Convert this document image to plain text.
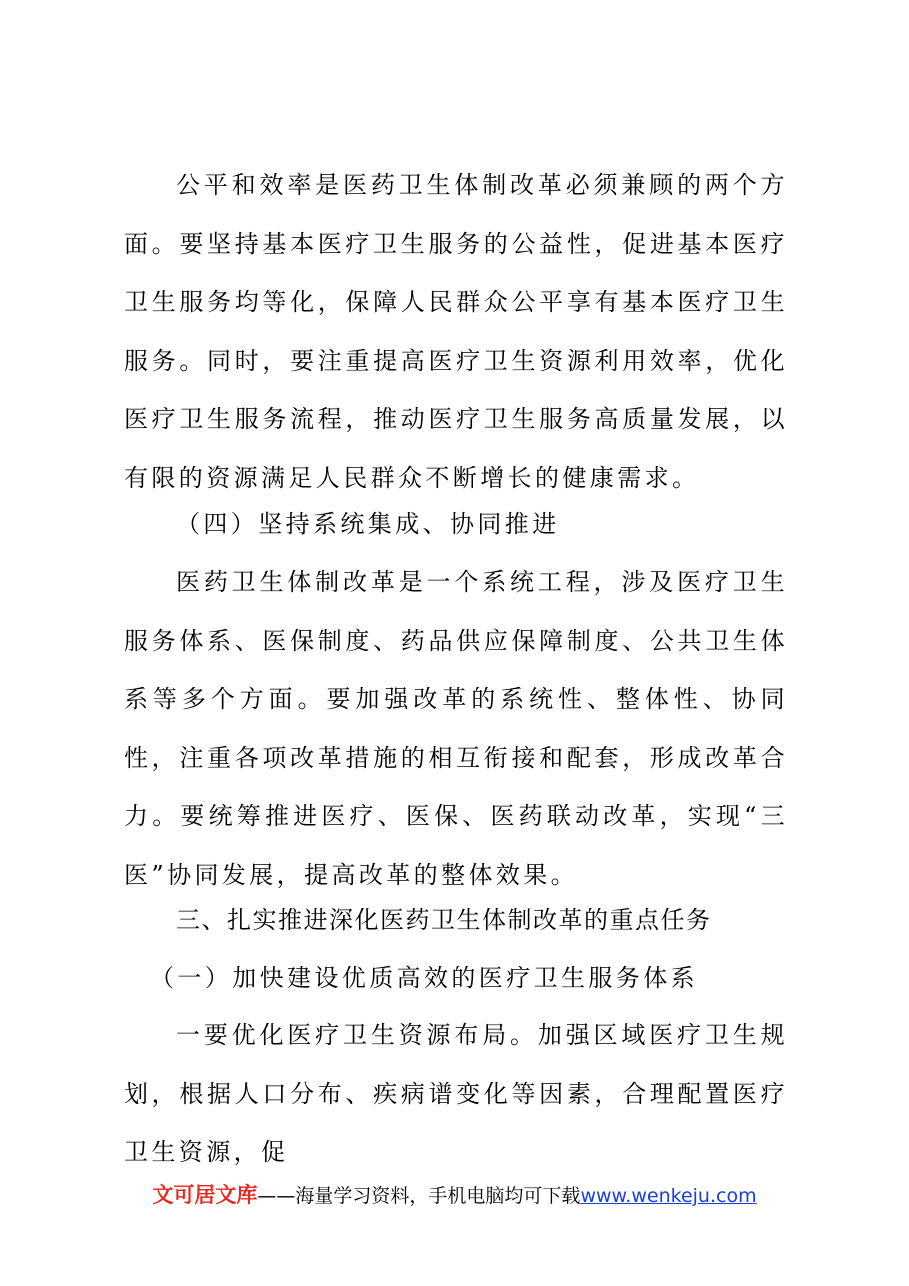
公平和效率是医药卫生体制改革必须兼顾的两个方面。要坚持基本医疗卫生服务的公益性，促进基本医疗卫生服务均等化，保障人民群众公平享有基本医疗卫生服务。同时，要注重提高医疗卫生资源利用效率，优化医疗卫生服务流程，推动医疗卫生服务高质量发展，以有限的资源满足人民群众不断增长的健康需求。

（四）坚持系统集成、协同推进

医药卫生体制改革是一个系统工程，涉及医疗卫生服务体系、医保制度、药品供应保障制度、公共卫生体系等多个方面。要加强改革的系统性、整体性、协同性，注重各项改革措施的相互衔接和配套，形成改革合力。要统筹推进医疗、医保、医药联动改革，实现“三医”协同发展，提高改革的整体效果。

三、扎实推进深化医药卫生体制改革的重点任务

（一）加快建设优质高效的医疗卫生服务体系

一要优化医疗卫生资源布局。加强区域医疗卫生规划，根据人口分布、疾病谱变化等因素，合理配置医疗卫生资源，促

文可居文库——海量学习资料，手机电脑均可下载www.wenkeju.com
